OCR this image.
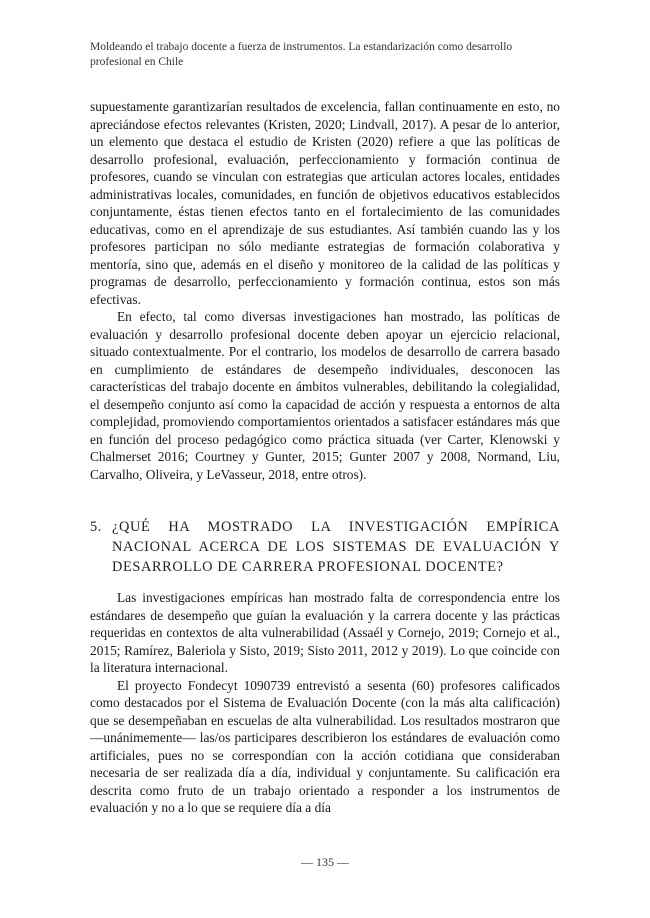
Moldeando el trabajo docente a fuerza de instrumentos. La estandarización como desarrollo profesional en Chile

supuestamente garantizarían resultados de excelencia, fallan continuamente en esto, no apreciándose efectos relevantes (Kristen, 2020; Lindvall, 2017). A pesar de lo anterior, un elemento que destaca el estudio de Kristen (2020) refiere a que las políticas de desarrollo profesional, evaluación, perfeccionamiento y formación continua de profesores, cuando se vinculan con estrategias que articulan actores locales, entidades administrativas locales, comunidades, en función de objetivos educativos establecidos conjuntamente, éstas tienen efectos tanto en el fortalecimiento de las comunidades educativas, como en el aprendizaje de sus estudiantes. Así también cuando las y los profesores participan no sólo mediante estrategias de formación colaborativa y mentoría, sino que, además en el diseño y monitoreo de la calidad de las políticas y programas de desarrollo, perfeccionamiento y formación continua, estos son más efectivas.

En efecto, tal como diversas investigaciones han mostrado, las políticas de evaluación y desarrollo profesional docente deben apoyar un ejercicio relacional, situado contextualmente. Por el contrario, los modelos de desarrollo de carrera basado en cumplimiento de estándares de desempeño individuales, desconocen las características del trabajo docente en ámbitos vulnerables, debilitando la colegialidad, el desempeño conjunto así como la capacidad de acción y respuesta a entornos de alta complejidad, promoviendo comportamientos orientados a satisfacer estándares más que en función del proceso pedagógico como práctica situada (ver Carter, Klenowski y Chalmerset 2016; Courtney y Gunter, 2015; Gunter 2007 y 2008, Normand, Liu, Carvalho, Oliveira, y LeVasseur, 2018, entre otros).

5. ¿QUÉ HA MOSTRADO LA INVESTIGACIÓN EMPÍRICA NACIONAL ACERCA DE LOS SISTEMAS DE EVALUACIÓN Y DESARROLLO DE CARRERA PROFESIONAL DOCENTE?

Las investigaciones empíricas han mostrado falta de correspondencia entre los estándares de desempeño que guían la evaluación y la carrera docente y las prácticas requeridas en contextos de alta vulnerabilidad (Assaél y Cornejo, 2019; Cornejo et al., 2015; Ramírez, Baleriola y Sisto, 2019; Sisto 2011, 2012 y 2019). Lo que coincide con la literatura internacional.

El proyecto Fondecyt 1090739 entrevistó a sesenta (60) profesores calificados como destacados por el Sistema de Evaluación Docente (con la más alta calificación) que se desempeñaban en escuelas de alta vulnerabilidad. Los resultados mostraron que —unánimemente— las/os participares describieron los estándares de evaluación como artificiales, pues no se correspondían con la acción cotidiana que consideraban necesaria de ser realizada día a día, individual y conjuntamente. Su calificación era descrita como fruto de un trabajo orientado a responder a los instrumentos de evaluación y no a lo que se requiere día a día

— 135 —
